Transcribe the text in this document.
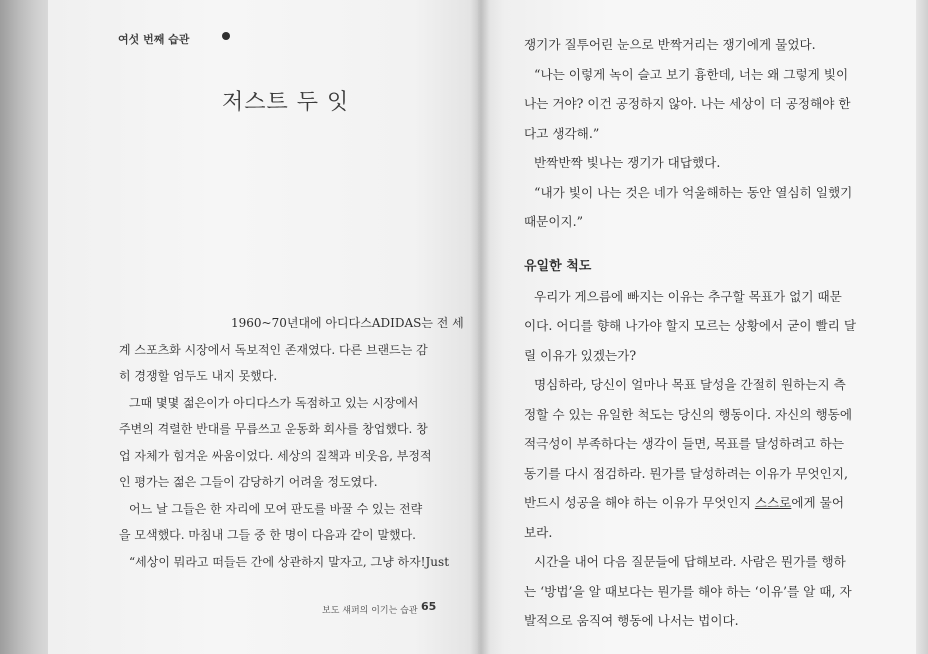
여섯 번째 습관
저스트 두 잇
1960~70년대에 아디다스ADIDAS는 전 세
계 스포츠화 시장에서 독보적인 존재였다. 다른 브랜드는 감
히 경쟁할 엄두도 내지 못했다.
그때 몇몇 젊은이가 아디다스가 독점하고 있는 시장에서
주변의 격렬한 반대를 무릅쓰고 운동화 회사를 창업했다. 창
업 자체가 힘겨운 싸움이었다. 세상의 질책과 비웃음, 부정적
인 평가는 젊은 그들이 감당하기 어려울 정도였다.
어느 날 그들은 한 자리에 모여 판도를 바꿀 수 있는 전략
을 모색했다. 마침내 그들 중 한 명이 다음과 같이 말했다.
“세상이 뭐라고 떠들든 간에 상관하지 말자고, 그냥 하자!Just
보도 섀퍼의 이기는 습관 65
쟁기가 질투어린 눈으로 반짝거리는 쟁기에게 물었다.
“나는 이렇게 녹이 슬고 보기 흉한데, 너는 왜 그렇게 빛이
나는 거야? 이건 공정하지 않아. 나는 세상이 더 공정해야 한
다고 생각해.”
반짝반짝 빛나는 쟁기가 대답했다.
“내가 빛이 나는 것은 네가 억울해하는 동안 열심히 일했기
때문이지.”
유일한 척도
우리가 게으름에 빠지는 이유는 추구할 목표가 없기 때문
이다. 어디를 향해 나가야 할지 모르는 상황에서 굳이 빨리 달
릴 이유가 있겠는가?
명심하라, 당신이 얼마나 목표 달성을 간절히 원하는지 측
정할 수 있는 유일한 척도는 당신의 행동이다. 자신의 행동에
적극성이 부족하다는 생각이 들면, 목표를 달성하려고 하는
동기를 다시 점검하라. 뭔가를 달성하려는 이유가 무엇인지,
반드시 성공을 해야 하는 이유가 무엇인지 스스로에게 물어
보라.
시간을 내어 다음 질문들에 답해보라. 사람은 뭔가를 행하
는 ‘방법’을 알 때보다는 뭔가를 해야 하는 ‘이유’를 알 때, 자
발적으로 움직여 행동에 나서는 법이다.
